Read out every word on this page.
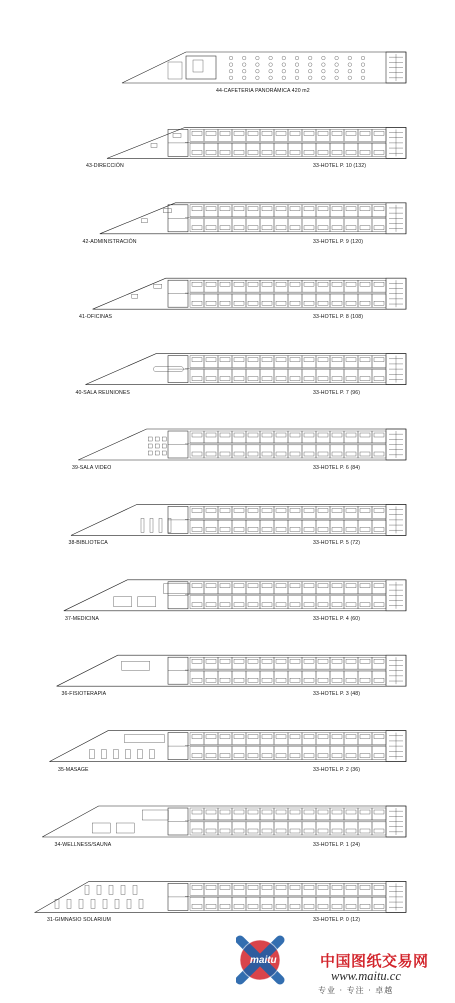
44-CAFETERIA PANORÁMICA 420 m2
43-DIRECCIÓN	33-HOTEL P. 10 (132)
42-ADMINISTRACIÓN	33-HOTEL P. 9 (120)
41-OFICINAS	33-HOTEL P. 8 (108)
40-SALA REUNIONES	33-HOTEL P. 7 (96)
39-SALA VIDEO	33-HOTEL P. 6 (84)
38-BIBLIOTECA	33-HOTEL P. 5 (72)
37-MEDICINA	33-HOTEL P. 4 (60)
36-FISIOTERAPIA	33-HOTEL P. 3 (48)
35-MASAGE	33-HOTEL P. 2 (36)
34-WELLNESS/SAUNA	33-HOTEL P. 1 (24)
31-GIMNASIO SOLARIUM	33-HOTEL P. 0 (12)
maitu	中国图纸交易网
www.maitu.cc
专业 · 专注 · 卓越
